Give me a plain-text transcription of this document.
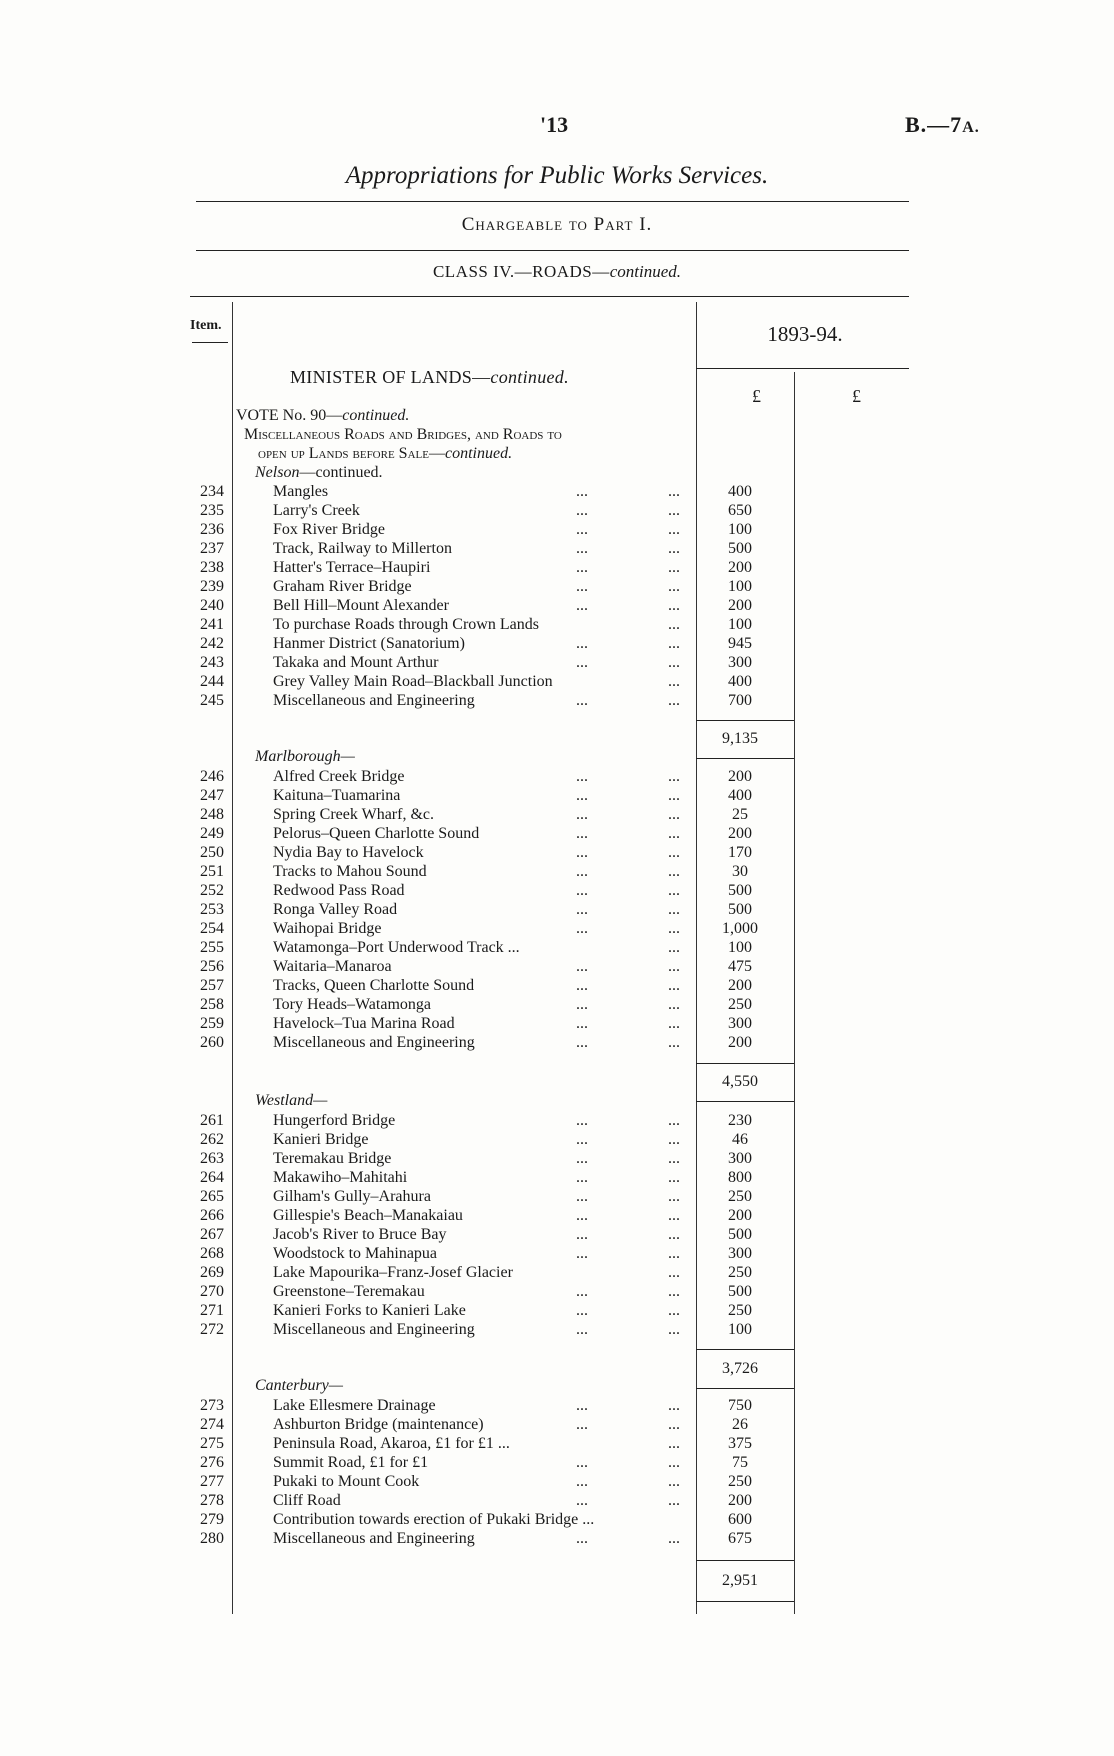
'13	B.—7A.
Appropriations for Public Works Services.
Chargeable to Part I.
CLASS IV.—ROADS—continued.
Item.	1893-94.
£	£
MINISTER OF LANDS—continued.
VOTE No. 90—continued.
Miscellaneous Roads and Bridges, and Roads to
open up Lands before Sale—continued.
Nelson—continued.
234	Mangles	...	...	400
235	Larry's Creek	...	...	650
236	Fox River Bridge	...	...	100
237	Track, Railway to Millerton	...	...	500
238	Hatter's Terrace–Haupiri	...	...	200
239	Graham River Bridge	...	...	100
240	Bell Hill–Mount Alexander	...	...	200
241	To purchase Roads through Crown Lands	...	100
242	Hanmer District (Sanatorium)	...	...	945
243	Takaka and Mount Arthur	...	...	300
244	Grey Valley Main Road–Blackball Junction	...	400
245	Miscellaneous and Engineering	...	...	700
9,135
Marlborough—
246	Alfred Creek Bridge	...	...	200
247	Kaituna–Tuamarina	...	...	400
248	Spring Creek Wharf, &c.	...	...	25
249	Pelorus–Queen Charlotte Sound	...	...	200
250	Nydia Bay to Havelock	...	...	170
251	Tracks to Mahou Sound	...	...	30
252	Redwood Pass Road	...	...	500
253	Ronga Valley Road	...	...	500
254	Waihopai Bridge	...	...	1,000
255	Watamonga–Port Underwood Track ...	...	100
256	Waitaria–Manaroa	...	...	475
257	Tracks, Queen Charlotte Sound	...	...	200
258	Tory Heads–Watamonga	...	...	250
259	Havelock–Tua Marina Road	...	...	300
260	Miscellaneous and Engineering	...	...	200
4,550
Westland—
261	Hungerford Bridge	...	...	230
262	Kanieri Bridge	...	...	46
263	Teremakau Bridge	...	...	300
264	Makawiho–Mahitahi	...	...	800
265	Gilham's Gully–Arahura	...	...	250
266	Gillespie's Beach–Manakaiau	...	...	200
267	Jacob's River to Bruce Bay	...	...	500
268	Woodstock to Mahinapua	...	...	300
269	Lake Mapourika–Franz-Josef Glacier	...	250
270	Greenstone–Teremakau	...	...	500
271	Kanieri Forks to Kanieri Lake	...	...	250
272	Miscellaneous and Engineering	...	...	100
3,726
Canterbury—
273	Lake Ellesmere Drainage	...	...	750
274	Ashburton Bridge (maintenance)	...	...	26
275	Peninsula Road, Akaroa, £1 for £1 ...	...	375
276	Summit Road, £1 for £1	...	...	75
277	Pukaki to Mount Cook	...	...	250
278	Cliff Road	...	...	200
279	Contribution towards erection of Pukaki Bridge ...	600
280	Miscellaneous and Engineering	...	...	675
2,951
